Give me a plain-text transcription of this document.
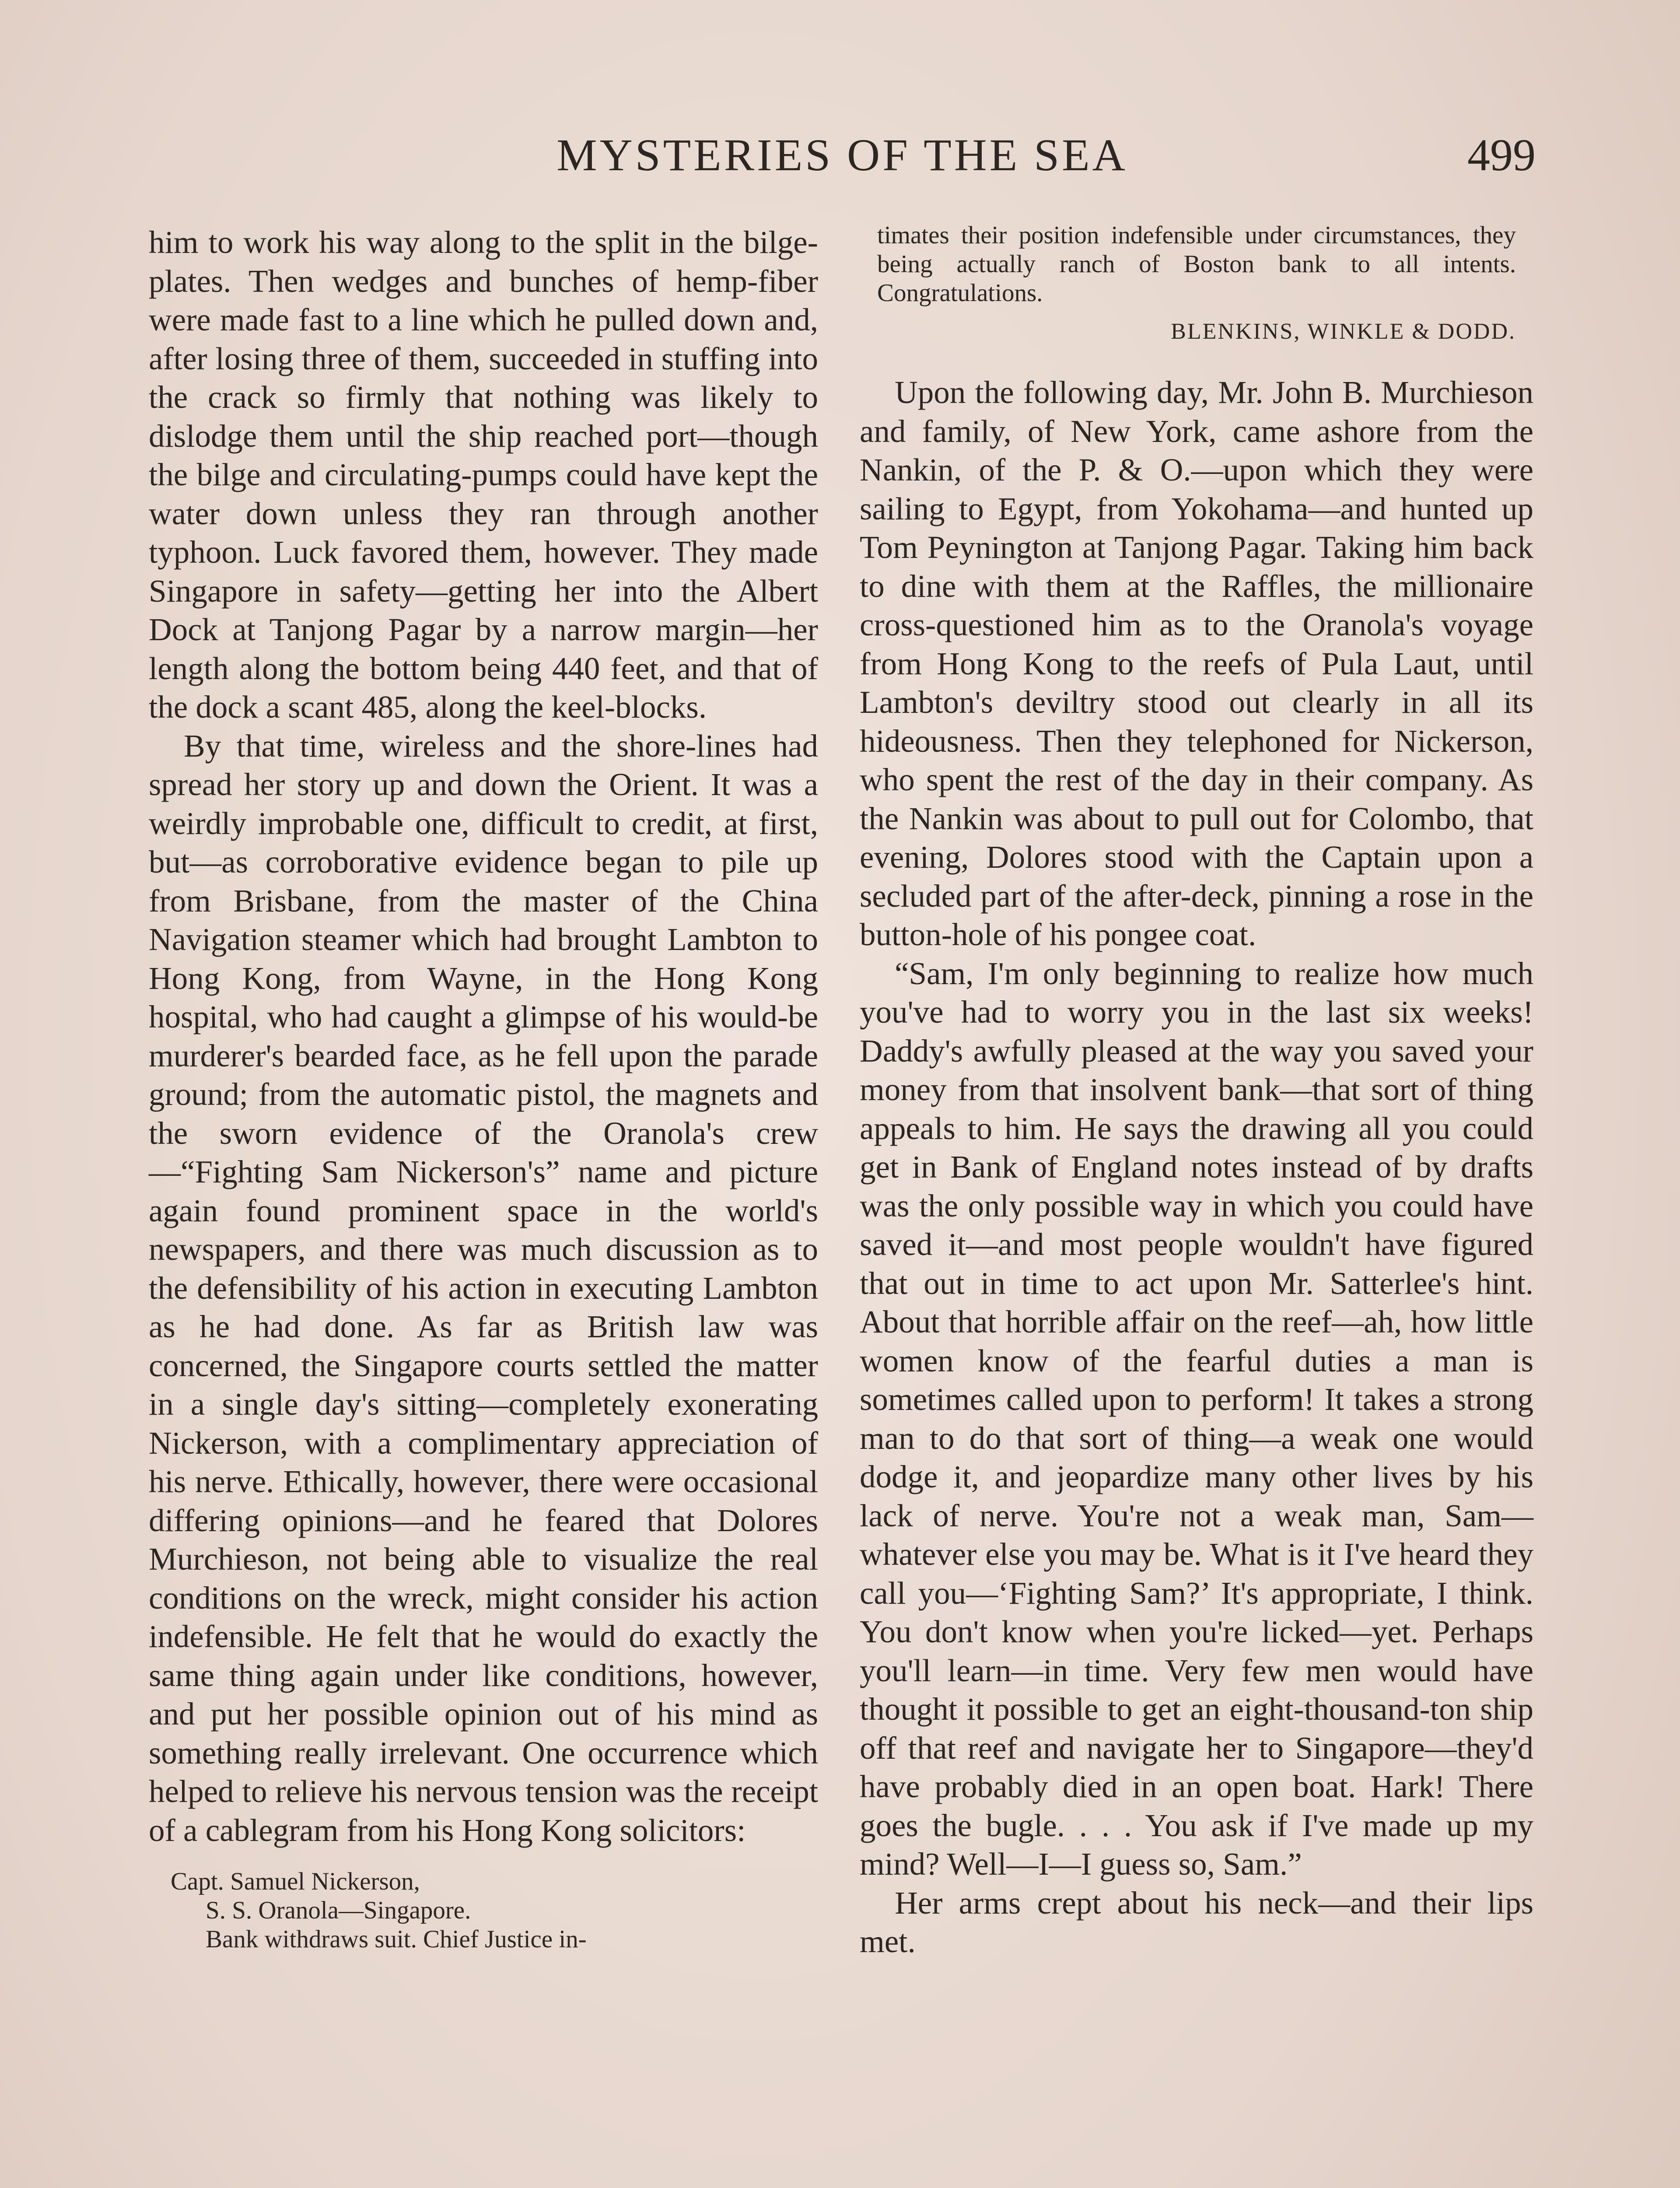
MYSTERIES OF THE SEA	499

him to work his way along to the split in the bilge-plates. Then wedges and bunches of hemp-fiber were made fast to a line which he pulled down and, after losing three of them, succeeded in stuffing into the crack so firmly that nothing was likely to dislodge them until the ship reached port—though the bilge and circulating-pumps could have kept the water down unless they ran through another typhoon. Luck favored them, however. They made Singapore in safety—getting her into the Albert Dock at Tanjong Pagar by a narrow margin—her length along the bottom being 440 feet, and that of the dock a scant 485, along the keel-blocks.

By that time, wireless and the shore-lines had spread her story up and down the Orient. It was a weirdly improbable one, difficult to credit, at first, but—as corroborative evidence began to pile up from Brisbane, from the master of the China Navigation steamer which had brought Lambton to Hong Kong, from Wayne, in the Hong Kong hospital, who had caught a glimpse of his would-be murderer's bearded face, as he fell upon the parade ground; from the automatic pistol, the magnets and the sworn evidence of the Oranola's crew—“Fighting Sam Nickerson's” name and picture again found prominent space in the world's newspapers, and there was much discussion as to the defensibility of his action in executing Lambton as he had done. As far as British law was concerned, the Singapore courts settled the matter in a single day's sitting—completely exonerating Nickerson, with a complimentary appreciation of his nerve. Ethically, however, there were occasional differing opinions—and he feared that Dolores Murchieson, not being able to visualize the real conditions on the wreck, might consider his action indefensible. He felt that he would do exactly the same thing again under like conditions, however, and put her possible opinion out of his mind as something really irrelevant. One occurrence which helped to relieve his nervous tension was the receipt of a cablegram from his Hong Kong solicitors:

Capt. Samuel Nickerson,
S. S. Oranola—Singapore.
Bank withdraws suit. Chief Justice in-
timates their position indefensible under circumstances, they being actually ranch of Boston bank to all intents. Congratulations.
BLENKINS, WINKLE & DODD.

Upon the following day, Mr. John B. Murchieson and family, of New York, came ashore from the Nankin, of the P. & O.—upon which they were sailing to Egypt, from Yokohama—and hunted up Tom Peynington at Tanjong Pagar. Taking him back to dine with them at the Raffles, the millionaire cross-questioned him as to the Oranola's voyage from Hong Kong to the reefs of Pula Laut, until Lambton's deviltry stood out clearly in all its hideousness. Then they telephoned for Nickerson, who spent the rest of the day in their company. As the Nankin was about to pull out for Colombo, that evening, Dolores stood with the Captain upon a secluded part of the after-deck, pinning a rose in the button-hole of his pongee coat.

“Sam, I'm only beginning to realize how much you've had to worry you in the last six weeks! Daddy's awfully pleased at the way you saved your money from that insolvent bank—that sort of thing appeals to him. He says the drawing all you could get in Bank of England notes instead of by drafts was the only possible way in which you could have saved it—and most people wouldn't have figured that out in time to act upon Mr. Satterlee's hint. About that horrible affair on the reef—ah, how little women know of the fearful duties a man is sometimes called upon to perform! It takes a strong man to do that sort of thing—a weak one would dodge it, and jeopardize many other lives by his lack of nerve. You're not a weak man, Sam—whatever else you may be. What is it I've heard they call you—‘Fighting Sam?’ It's appropriate, I think. You don't know when you're licked—yet. Perhaps you'll learn—in time. Very few men would have thought it possible to get an eight-thousand-ton ship off that reef and navigate her to Singapore—they'd have probably died in an open boat. Hark! There goes the bugle. . . . You ask if I've made up my mind? Well—I—I guess so, Sam.”

Her arms crept about his neck—and their lips met.
